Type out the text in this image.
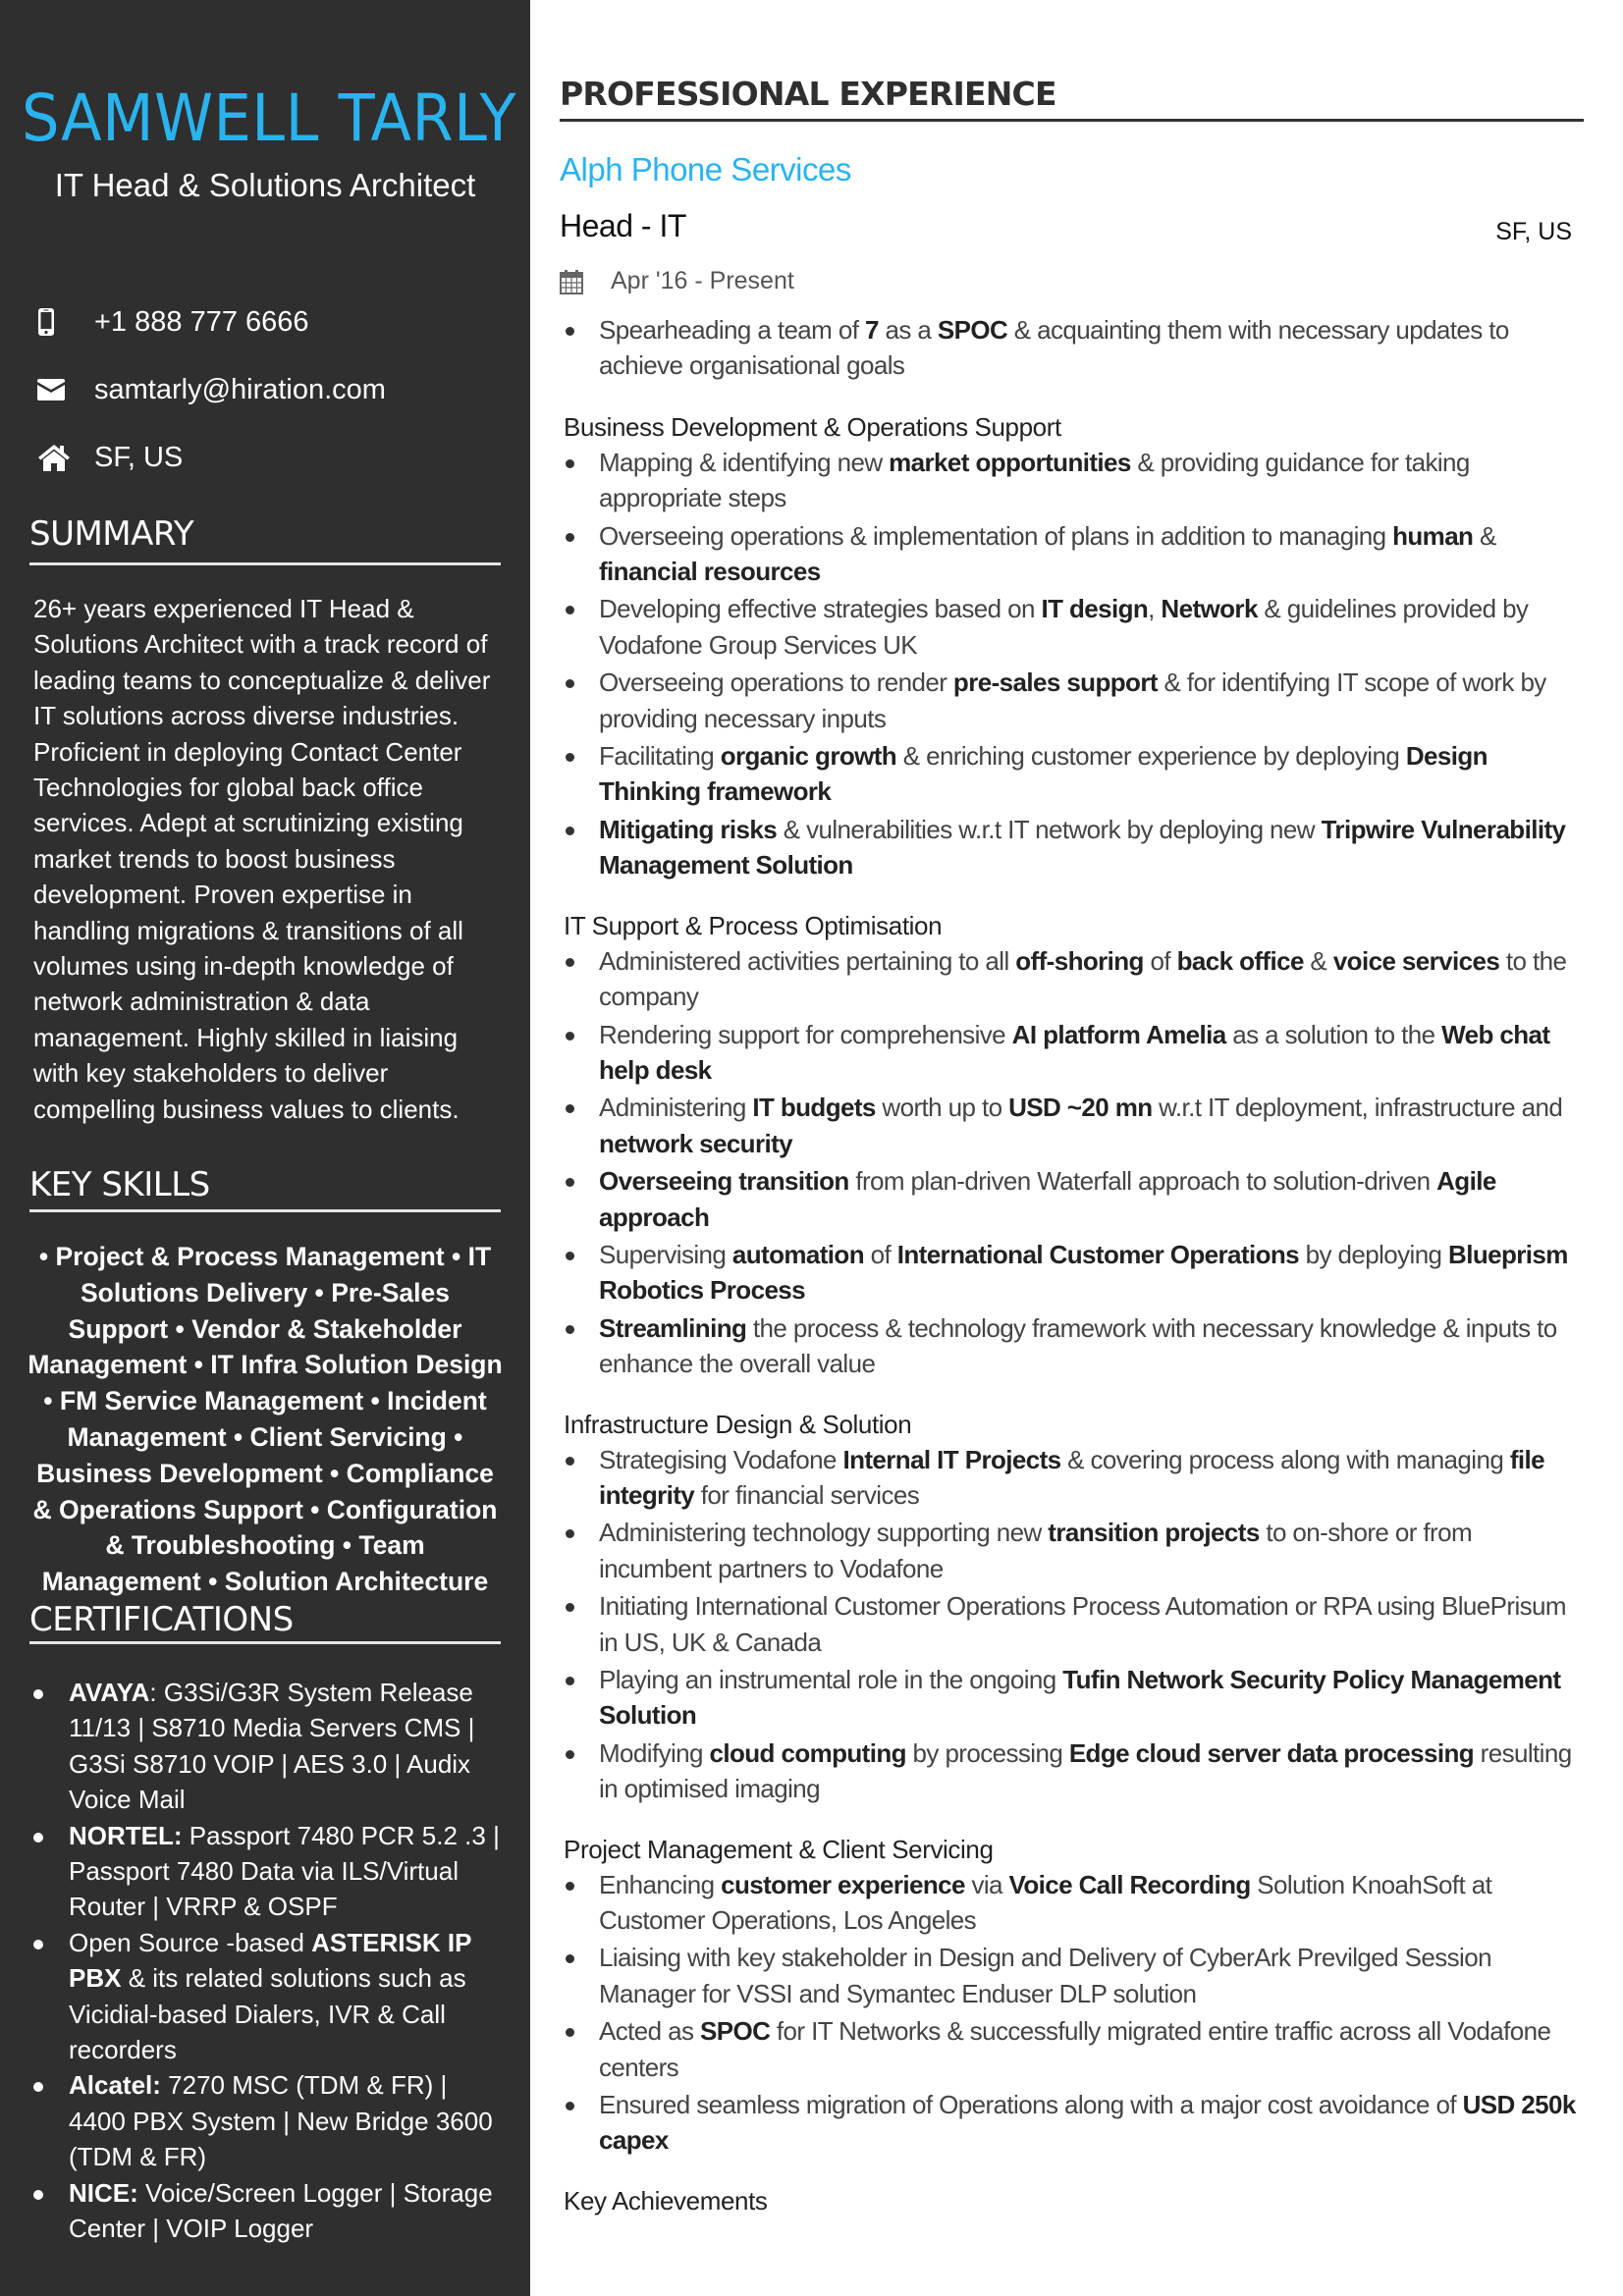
SAMWELL TARLY
IT Head & Solutions Architect
+1 888 777 6666
samtarly@hiration.com
SF, US
SUMMARY

26+ years experienced IT Head & Solutions Architect with a track record of leading teams to conceptualize & deliver IT solutions across diverse industries. Proficient in deploying Contact Center Technologies for global back office services. Adept at scrutinizing existing market trends to boost business development. Proven expertise in handling migrations & transitions of all volumes using in-depth knowledge of network administration & data management. Highly skilled in liaising with key stakeholders to deliver compelling business values to clients.

KEY SKILLS

• Project & Process Management • IT Solutions Delivery • Pre-Sales Support • Vendor & Stakeholder Management • IT Infra Solution Design • FM Service Management • Incident Management • Client Servicing • Business Development • Compliance & Operations Support • Configuration & Troubleshooting • Team Management • Solution Architecture

CERTIFICATIONS
AVAYA: G3Si/G3R System Release 11/13 | S8710 Media Servers CMS | G3Si S8710 VOIP | AES 3.0 | Audix Voice Mail
NORTEL: Passport 7480 PCR 5.2 .3 | Passport 7480 Data via ILS/Virtual Router | VRRP & OSPF
Open Source -based ASTERISK IP PBX & its related solutions such as Vicidial-based Dialers, IVR & Call recorders
Alcatel: 7270 MSC (TDM & FR) | 4400 PBX System | New Bridge 3600 (TDM & FR)
NICE: Voice/Screen Logger | Storage Center | VOIP Logger
PROFESSIONAL EXPERIENCE
Alph Phone Services
Head - IT	SF, US
Apr '16 - Present
Spearheading a team of 7 as a SPOC & acquainting them with necessary updates to achieve organisational goals
Business Development & Operations Support
Mapping & identifying new market opportunities & providing guidance for taking appropriate steps
Overseeing operations & implementation of plans in addition to managing human & financial resources
Developing effective strategies based on IT design, Network & guidelines provided by Vodafone Group Services UK
Overseeing operations to render pre-sales support & for identifying IT scope of work by providing necessary inputs
Facilitating organic growth & enriching customer experience by deploying Design Thinking framework
Mitigating risks & vulnerabilities w.r.t IT network by deploying new Tripwire Vulnerability Management Solution
IT Support & Process Optimisation
Administered activities pertaining to all off-shoring of back office & voice services to the company
Rendering support for comprehensive AI platform Amelia as a solution to the Web chat help desk
Administering IT budgets worth up to USD ~20 mn w.r.t IT deployment, infrastructure and network security
Overseeing transition from plan-driven Waterfall approach to solution-driven Agile approach
Supervising automation of International Customer Operations by deploying Blueprism Robotics Process
Streamlining the process & technology framework with necessary knowledge & inputs to enhance the overall value
Infrastructure Design & Solution
Strategising Vodafone Internal IT Projects & covering process along with managing file integrity for financial services
Administering technology supporting new transition projects to on-shore or from incumbent partners to Vodafone
Initiating International Customer Operations Process Automation or RPA using BluePrisum in US, UK & Canada
Playing an instrumental role in the ongoing Tufin Network Security Policy Management Solution
Modifying cloud computing by processing Edge cloud server data processing resulting in optimised imaging
Project Management & Client Servicing
Enhancing customer experience via Voice Call Recording Solution KnoahSoft at Customer Operations, Los Angeles
Liaising with key stakeholder in Design and Delivery of CyberArk Previlged Session Manager for VSSI and Symantec Enduser DLP solution
Acted as SPOC for IT Networks & successfully migrated entire traffic across all Vodafone centers
Ensured seamless migration of Operations along with a major cost avoidance of USD 250k capex
Key Achievements
